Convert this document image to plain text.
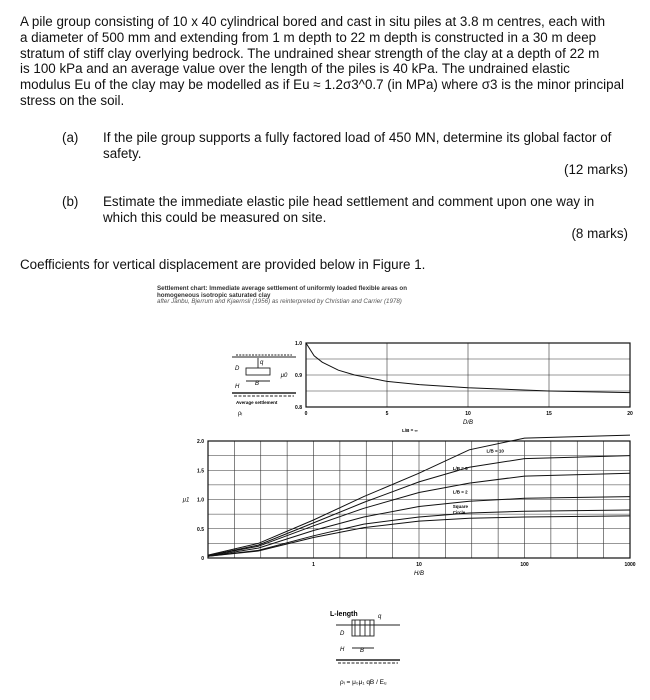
A pile group consisting of 10 x 40 cylindrical bored and cast in situ piles at 3.8 m centres, each with
a diameter of 500 mm and extending from 1 m depth to 22 m depth is constructed in a 30 m deep
stratum of stiff clay overlying bedrock. The undrained shear strength of the clay at a depth of 22 m
is 100 kPa and an average value over the length of the piles is 40 kPa. The undrained elastic
modulus Eu of the clay may be modelled as if Eu ≈ 1.2σ3^0.7 (in MPa) where σ3 is the minor principal
stress on the soil.
(a) If the pile group supports a fully factored load of 450 MN, determine its global factor of
safety.
(12 marks)
(b) Estimate the immediate elastic pile head settlement and comment upon one way in
which this could be measured on site.
(8 marks)
Coefficients for vertical displacement are provided below in Figure 1.
Settlement chart: Immediate average settlement of uniformly loaded flexible areas on
homogeneous isotropic saturated clay
after Janbu, Bjerrum and Kjaernsli (1956) as reinterpreted by Christian and Carrier (1978)
D
H	B
q
Average settlement
ρᵢ	0	5	10	15	20
0.8
0.9
1.0
D/B
μ0
1	10	100	1000
0
0.5
1.0
1.5
2.0
H/B
μ1
L/B = ∞
L/B = 10
L/B = 5
L/B = 2
Square
Circle
L-length
D
H	B
q
ρᵢ = μ₀μ₁ qB / Eᵤ
